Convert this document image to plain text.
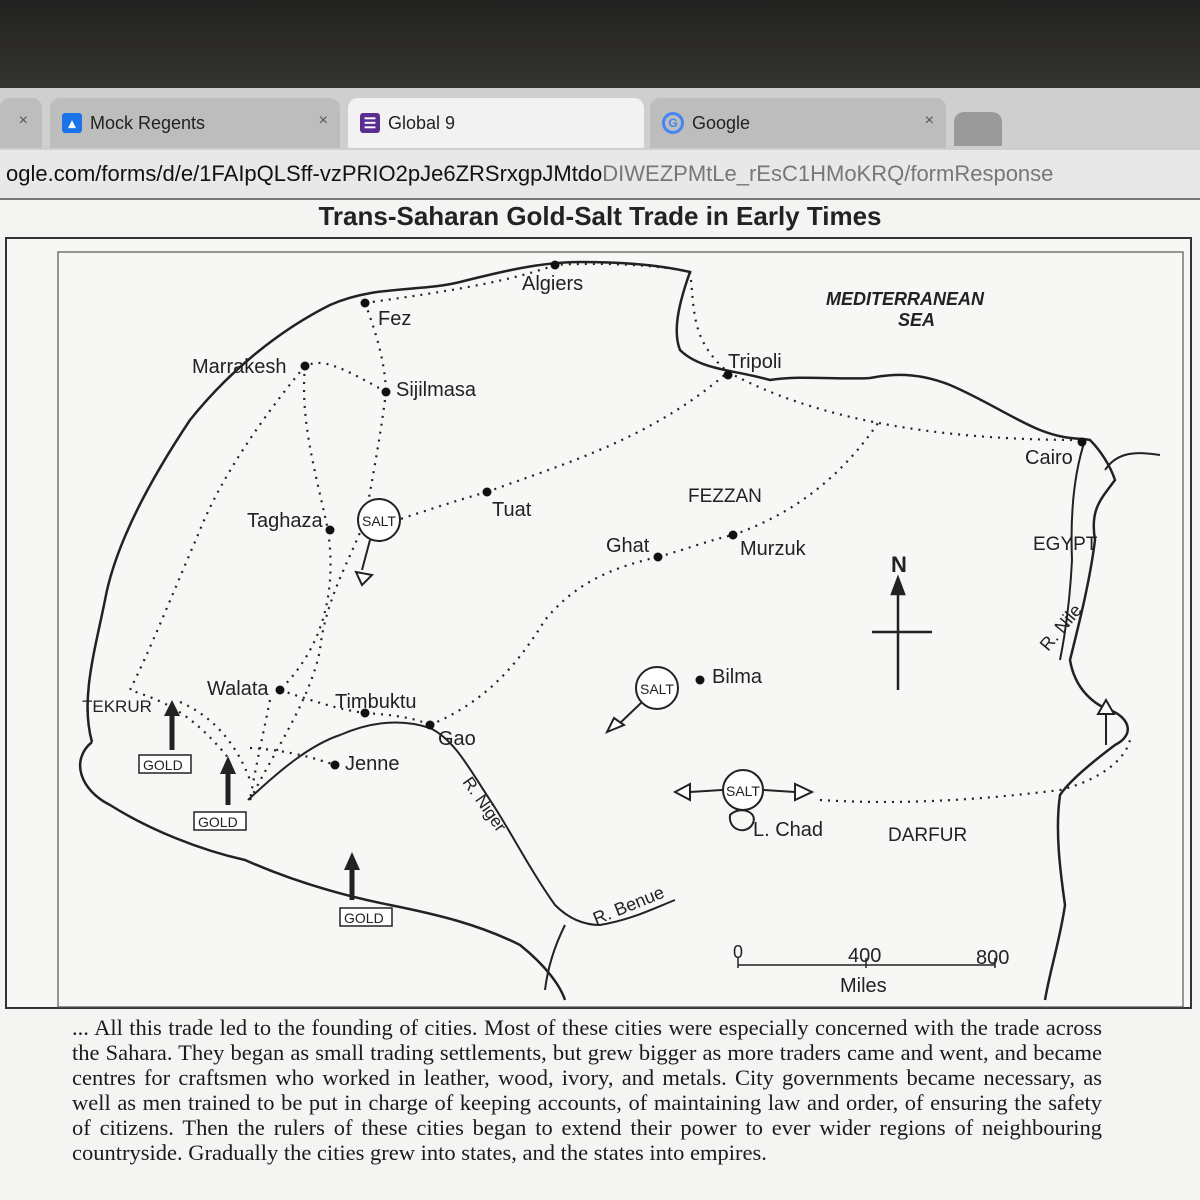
×	▴ Mock Regents	×	☰ Global 9	G Google	×
ogle.com/forms/d/e/1FAIpQLSff-vzPRIO2pJe6ZRSrxgpJMtdo DIWEZPMtLe_rEsC1HMoKRQ/formResponse
Trans-Saharan Gold-Salt Trade in Early Times
N
0	400	800
Miles
Algiers
Fez
Marrakesh
Sijilmasa
Tripoli
Cairo
Taghaza	Tuat
Ghat	Murzuk
Bilma
Walata
Timbuktu
Gao
Jenne
MEDITERRANEAN
SEA
FEZZAN
EGYPT
DARFUR
TEKRUR
R. Nile
R. Niger
R. Benue
L. Chad
SALT
SALT
SALT
GOLD
GOLD
GOLD
... All this trade led to the founding of cities. Most of these cities were especially concerned with the trade across the Sahara. They began as small trading settlements, but grew bigger as more traders came and went, and became centres for craftsmen who worked in leather, wood, ivory, and metals. City governments became necessary, as well as men trained to be put in charge of keeping accounts, of maintaining law and order, of ensuring the safety of citizens. Then the rulers of these cities began to extend their power to ever wider regions of neighbouring countryside. Gradually the cities grew into states, and the states into empires.
